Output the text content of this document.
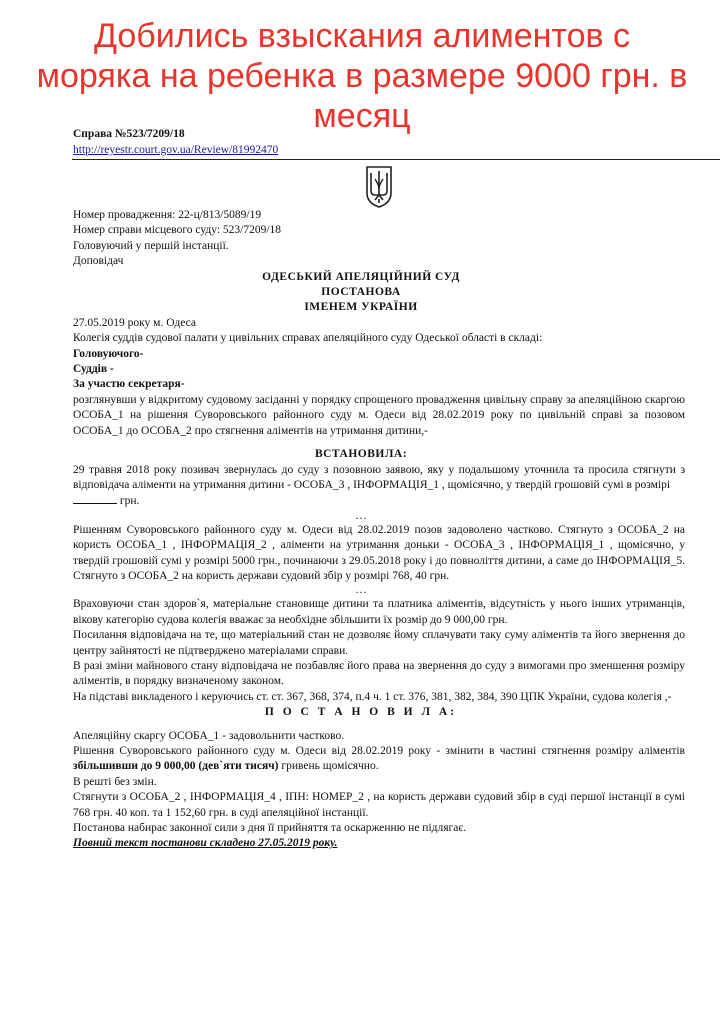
Добились взыскания алиментов с
моряка на ребенка в размере 9000 грн. в
месяц
Справа №523/7209/18
http://reyestr.court.gov.ua/Review/81992470

Номер провадження: 22-ц/813/5089/19

Номер справи місцевого суду: 523/7209/18

Головуючий у першій інстанції.

Доповідач

ОДЕСЬКИЙ АПЕЛЯЦІЙНИЙ СУД

ПОСТАНОВА

ІМЕНЕМ УКРАЇНИ

27.05.2019 року м. Одеса

Колегія суддів судової палати у цивільних справах апеляційного суду Одеської області в складі:

Головуючого-

Суддів -

За участю секретаря-

розглянувши у відкритому судовому засіданні у порядку спрощеного провадження цивільну справу за апеляційною скаргою ОСОБА_1 на рішення Суворовського районного суду м. Одеси від 28.02.2019 року по цивільній справі за позовом ОСОБА_1 до ОСОБА_2 про стягнення аліментів на утримання дитини,-

ВСТАНОВИЛА:

29 травня 2018 року позивач звернулась до суду з позовною заявою, яку у подальшому уточнила та просила стягнути з відповідача аліменти на утримання дитини - ОСОБА_3 , ІНФОРМАЦІЯ_1 , щомісячно, у твердій грошовій сумі в розмірі
грн.

…

Рішенням Суворовського районного суду м. Одеси від 28.02.2019 позов задоволено частково. Стягнуто з ОСОБА_2 на користь ОСОБА_1 , ІНФОРМАЦІЯ_2 , аліменти на утримання доньки - ОСОБА_3 , ІНФОРМАЦІЯ_1 , щомісячно, у твердій грошовій сумі у розмірі 5000 грн., починаючи з 29.05.2018 року і до повноліття дитини, а саме до ІНФОРМАЦІЯ_5. Стягнуто з ОСОБА_2 на користь держави судовий збір у розмірі 768, 40 грн.

…

Враховуючи стан здоров`я, матеріальне становище дитини та платника аліментів, відсутність у нього інших утриманців, вікову категорію судова колегія вважає за необхідне збільшити їх розмір до 9 000,00 грн.

Посилання відповідача на те, що матеріальний стан не дозволяє йому сплачувати таку суму аліментів та його звернення до центру зайнятості не підтверджено матеріалами справи.

В разі зміни майнового стану відповідача не позбавляє його права на звернення до суду з вимогами про зменшення розміру аліментів, в порядку визначеному законом.

На підставі викладеного і керуючись ст. ст. 367, 368, 374, п.4 ч. 1 ст. 376, 381, 382, 384, 390 ЦПК України, судова колегія ,-

П О С Т А Н О В И Л А:

Апеляційну скаргу ОСОБА_1 - задовольнити частково.

Рішення Суворовського районного суду м. Одеси від 28.02.2019 року - змінити в частині стягнення розміру аліментів збільшивши до 9 000,00 (дев`яти тисяч) гривень щомісячно.

В решті без змін.

Стягнути з ОСОБА_2 , ІНФОРМАЦІЯ_4 , ІПН: НОМЕР_2 , на користь держави судовий збір в суді першої інстанції в сумі 768 грн. 40 коп. та 1 152,60 грн. в суді апеляційної інстанції.

Постанова набирає законної сили з дня її прийняття та оскарженню не підлягає.

Повний текст постанови складено 27.05.2019 року.
